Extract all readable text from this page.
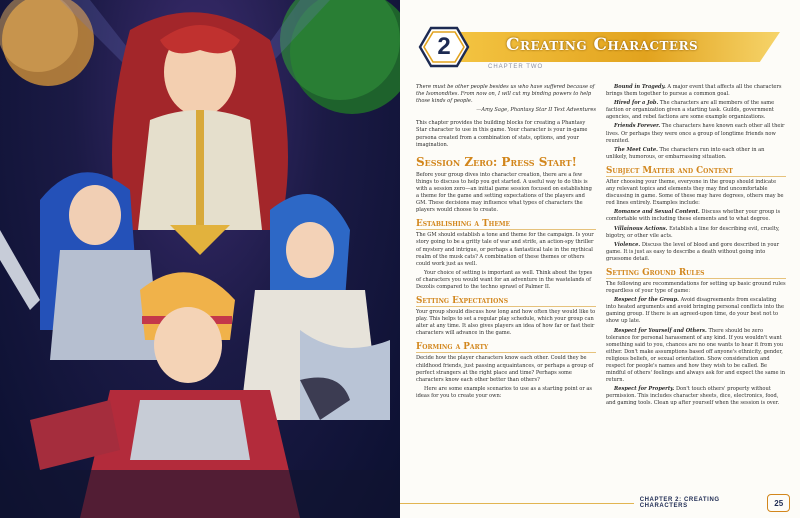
2	Creating Characters
CHAPTER TWO

There must be other people besides us who have suffered because of the Isomondites. From now on, I will cut my binding powers to help those kinds of people.

—Amy Sage, Phantasy Star II Text Adventures

This chapter provides the building blocks for creating a Phantasy Star character to use in this game. Your character is your in-game persona created from a combination of stats, options, and your imagination.

Session Zero: Press Start!

Before your group dives into character creation, there are a few things to discuss to help you get started. A useful way to do this is with a session zero—an initial game session focused on establishing a theme for the game and setting expectations of the players and GM. These decisions may influence what types of characters the players would choose to create.

Establishing a Theme

The GM should establish a tone and theme for the campaign. Is your story going to be a gritty tale of war and strife, an action-spy thriller of mystery and intrigue, or perhaps a fantastical tale in the mythical realm of the musk cats? A combination of these themes or others could work just as well.

Your choice of setting is important as well. Think about the types of characters you would want for an adventure in the wastelands of Dezolis compared to the techno sprawl of Palmer II.

Setting Expectations

Your group should discuss how long and how often they would like to play. This helps to set a regular play schedule, which your group can alter at any time. It also gives players an idea of how far or fast their characters will advance in the game.

Forming a Party

Decide how the player characters know each other. Could they be childhood friends, just passing acquaintances, or perhaps a group of perfect strangers at the right place and time? Perhaps some characters know each other better than others?

Here are some example scenarios to use as a starting point or as ideas for you to create your own:

Bound in Tragedy. A major event that affects all the characters brings them together to pursue a common goal.

Hired for a Job. The characters are all members of the same faction or organization given a starting task. Guilds, government agencies, and rebel factions are some example organizations.

Friends Forever. The characters have known each other all their lives. Or perhaps they were once a group of longtime friends now reunited.

The Meet Cute. The characters run into each other in an unlikely, humorous, or embarrassing situation.

Subject Matter and Content

After choosing your theme, everyone in the group should indicate any relevant topics and elements they may find uncomfortable discussing in game. Some of these may have degrees, others may be red lines entirely. Examples include:

Romance and Sexual Content. Discuss whether your group is comfortable with including these elements and to what degree.

Villainous Actions. Establish a line for describing evil, cruelty, bigotry, or other vile acts.

Violence. Discuss the level of blood and gore described in your game. It is just as easy to describe a death without going into gruesome detail.

Setting Ground Rules

The following are recommendations for setting up basic ground rules regardless of your type of game:

Respect for the Group. Avoid disagreements from escalating into heated arguments and avoid bringing personal conflicts into the gaming group. If there is an agreed-upon time, do your best not to show up late.

Respect for Yourself and Others. There should be zero tolerance for personal harassment of any kind. If you wouldn't want something said to you, chances are no one wants to hear it from you either. Don't make assumptions based off anyone's ethnicity, gender, religious beliefs, or sexual orientation. Show consideration and respect for people's names and how they wish to be called. Be mindful of others' feelings and always ask for and expect the same in return.

Respect for Property. Don't touch others' property without permission. This includes character sheets, dice, electronics, food, and gaming tools. Clean up after yourself when the session is over.

CHAPTER 2: CREATING CHARACTERS	25
